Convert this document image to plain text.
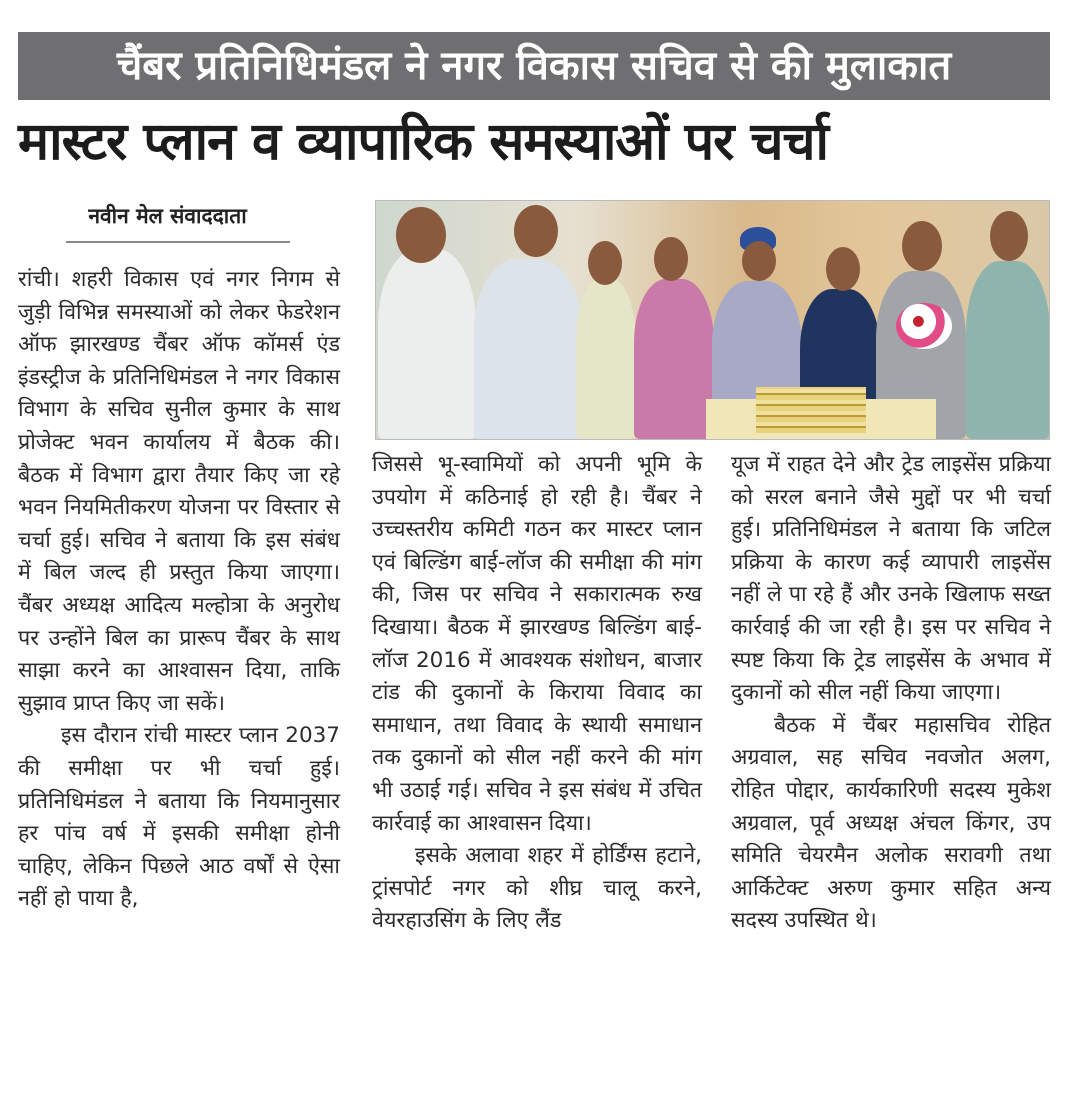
चैंबर प्रतिनिधिमंडल ने नगर विकास सचिव से की मुलाकात
मास्टर प्लान व व्यापारिक समस्याओं पर चर्चा
नवीन मेल संवाददाता

रांची। शहरी विकास एवं नगर निगम से जुड़ी विभिन्न समस्याओं को लेकर फेडरेशन ऑफ झारखण्ड चैंबर ऑफ कॉमर्स एंड इंडस्ट्रीज के प्रतिनिधिमंडल ने नगर विकास विभाग के सचिव सुनील कुमार के साथ प्रोजेक्ट भवन कार्यालय में बैठक की। बैठक में विभाग द्वारा तैयार किए जा रहे भवन नियमितीकरण योजना पर विस्तार से चर्चा हुई। सचिव ने बताया कि इस संबंध में बिल जल्द ही प्रस्तुत किया जाएगा। चैंबर अध्यक्ष आदित्य मल्होत्रा के अनुरोध पर उन्होंने बिल का प्रारूप चैंबर के साथ साझा करने का आश्वासन दिया, ताकि सुझाव प्राप्त किए जा सकें।

इस दौरान रांची मास्टर प्लान 2037 की समीक्षा पर भी चर्चा हुई। प्रतिनिधिमंडल ने बताया कि नियमानुसार हर पांच वर्ष में इसकी समीक्षा होनी चाहिए, लेकिन पिछले आठ वर्षों से ऐसा नहीं हो पाया है,

जिससे भू-स्वामियों को अपनी भूमि के उपयोग में कठिनाई हो रही है। चैंबर ने उच्चस्तरीय कमिटी गठन कर मास्टर प्लान एवं बिल्डिंग बाई-लॉज की समीक्षा की मांग की, जिस पर सचिव ने सकारात्मक रुख दिखाया। बैठक में झारखण्ड बिल्डिंग बाई-लॉज 2016 में आवश्यक संशोधन, बाजार टांड की दुकानों के किराया विवाद का समाधान, तथा विवाद के स्थायी समाधान तक दुकानों को सील नहीं करने की मांग भी उठाई गई। सचिव ने इस संबंध में उचित कार्रवाई का आश्वासन दिया।

इसके अलावा शहर में होर्डिंग्स हटाने, ट्रांसपोर्ट नगर को शीघ्र चालू करने, वेयरहाउसिंग के लिए लैंड

यूज में राहत देने और ट्रेड लाइसेंस प्रक्रिया को सरल बनाने जैसे मुद्दों पर भी चर्चा हुई। प्रतिनिधिमंडल ने बताया कि जटिल प्रक्रिया के कारण कई व्यापारी लाइसेंस नहीं ले पा रहे हैं और उनके खिलाफ सख्त कार्रवाई की जा रही है। इस पर सचिव ने स्पष्ट किया कि ट्रेड लाइसेंस के अभाव में दुकानों को सील नहीं किया जाएगा।

बैठक में चैंबर महासचिव रोहित अग्रवाल, सह सचिव नवजोत अलग, रोहित पोद्दार, कार्यकारिणी सदस्य मुकेश अग्रवाल, पूर्व अध्यक्ष अंचल किंगर, उप समिति चेयरमैन अलोक सरावगी तथा आर्किटेक्ट अरुण कुमार सहित अन्य सदस्य उपस्थित थे।
